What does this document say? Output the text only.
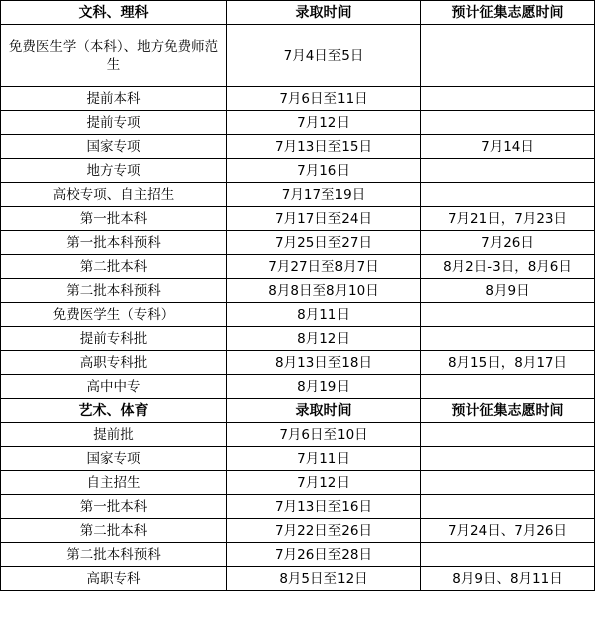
文科、理科	录取时间	预计征集志愿时间
免费医生学（本科）、地方免费师范生	7月4日至5日	
提前本科	7月6日至11日	
提前专项	7月12日	
国家专项	7月13日至15日	7月14日
地方专项	7月16日	
高校专项、自主招生	7月17至19日	
第一批本科	7月17日至24日	7月21日，7月23日
第一批本科预科	7月25日至27日	7月26日
第二批本科	7月27日至8月7日	8月2日-3日，8月6日
第二批本科预科	8月8日至8月10日	8月9日
免费医学生（专科）	8月11日	
提前专科批	8月12日	
高职专科批	8月13日至18日	8月15日，8月17日
高中中专	8月19日	
艺术、体育	录取时间	预计征集志愿时间
提前批	7月6日至10日	
国家专项	7月11日	
自主招生	7月12日	
第一批本科	7月13日至16日	
第二批本科	7月22日至26日	7月24日、7月26日
第二批本科预科	7月26日至28日	
高职专科	8月5日至12日	8月9日、8月11日
